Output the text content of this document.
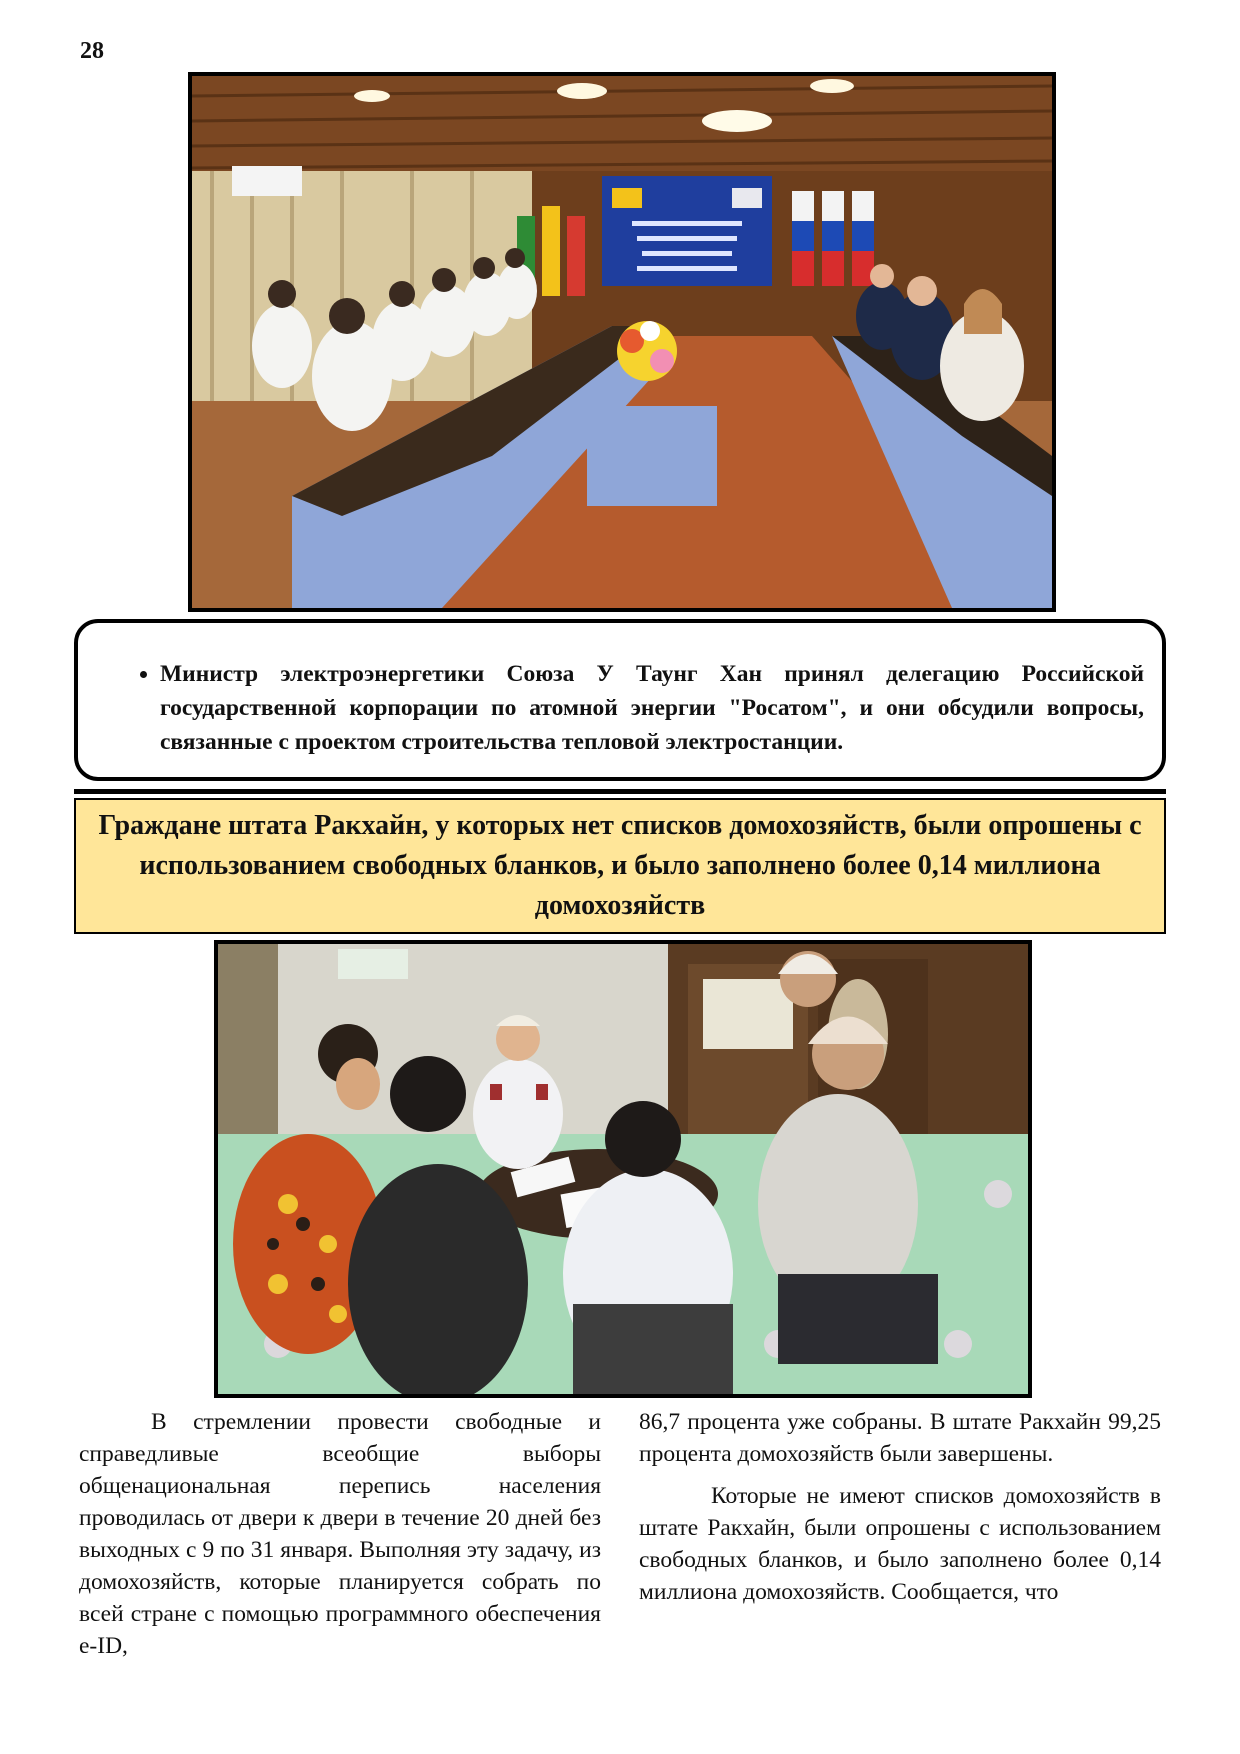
28
• Министр электроэнергетики Союза У Таунг Хан принял делегацию Российской государственной корпорации по атомной энергии "Росатом", и они обсудили вопросы, связанные с проектом строительства тепловой электростанции.
Граждане штата Ракхайн, у которых нет списков домохозяйств, были опрошены с использованием свободных бланков, и было заполнено более 0,14 миллиона домохозяйств

В стремлении провести свободные и справедливые всеобщие выборы общенациональная перепись населения проводилась от двери к двери в течение 20 дней без выходных с 9 по 31 января. Выполняя эту задачу, из домохозяйств, которые планируется собрать по всей стране с помощью программного обеспечения e-ID,

86,7 процента уже собраны. В штате Ракхайн 99,25 процента домохозяйств были завершены.

Которые не имеют списков домохозяйств в штате Ракхайн, были опрошены с использованием свободных бланков, и было заполнено более 0,14 миллиона домохозяйств. Сообщается, что
